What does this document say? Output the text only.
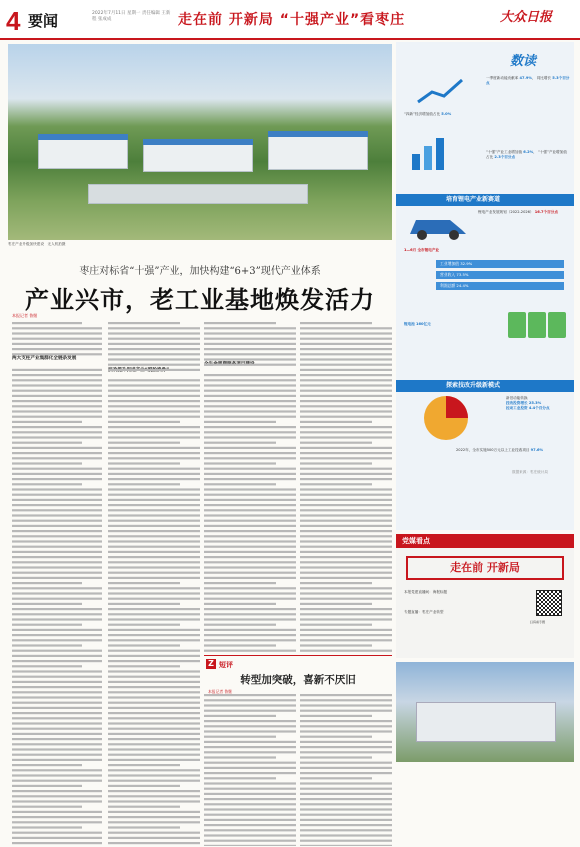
4 要闻	2022年7月11日 星期一 责任编辑 王新程 张成成	走在前 开新局 “十强产业”看枣庄	大众日报
枣庄产业升级加快建设　 无人机拍摄
枣庄对标省“十强”产业，加快构建“6+3”现代产业体系
产业兴市，老工业基地焕发活力
本报记者 鲁继
两大支柱产业集群化全链条发展
Z 短评
转型加突破，喜新不厌旧
本报记者 鲁继
数读
一季度新动能贡献率 47.9%， 同比增长 5.3个百分点
“四新”经济增加值占比 5.0%
“十强”产业工业增加值 6.2%， “十强”产业增加值占比 2.3个百分点
培育锂电产业新赛道
锂电产业发展规划（2022-2026） 16.7个百分点
1—6月 全市锂电产业
工业增加值 32.9%
营业收入 73.5%
利润总额 24.4%
锂电池 160亿元
探索技改升级新模式
新旧动能转换
技改投资增长 25.3%
拉动工业投资 4.4个百分点
2022年，全市实施500万元以上工业技改项目 97.6%
数据来源：枣庄统计局
党媒看点
走在前 开新局
本报党建直播间：海报标题
专题直播：枣庄产业转型
扫码看专题
